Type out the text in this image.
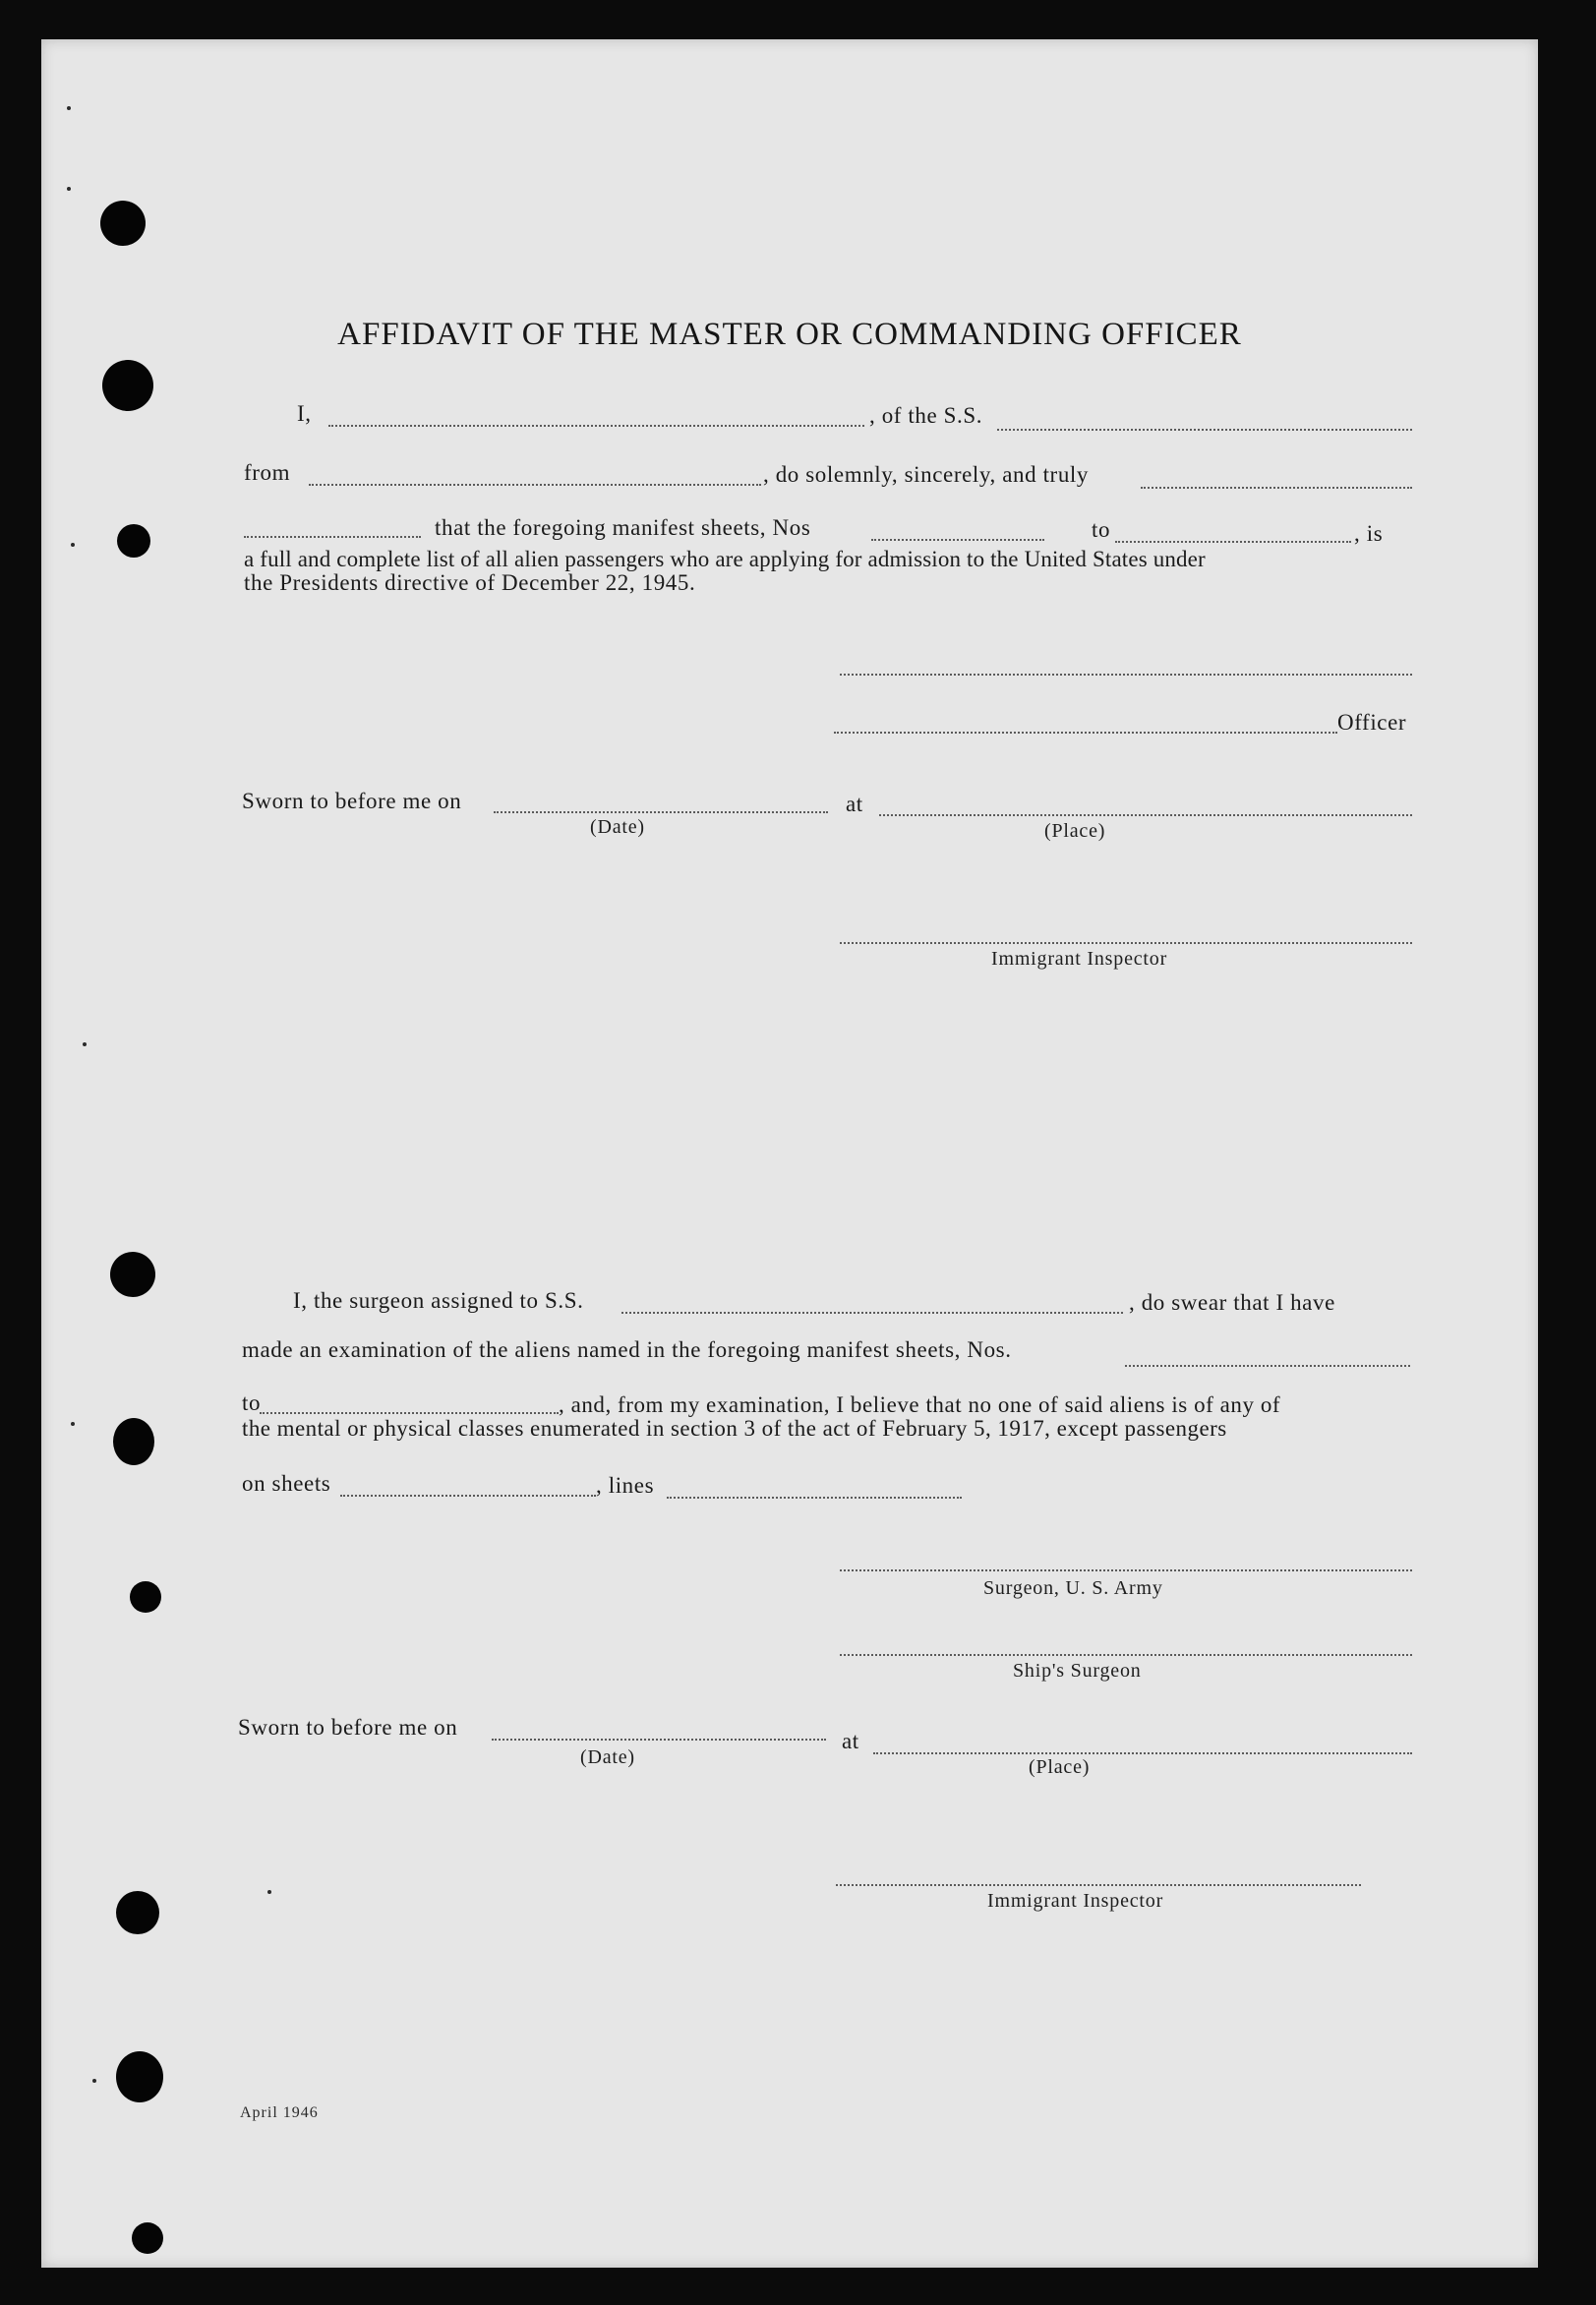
AFFIDAVIT OF THE MASTER OR COMMANDING OFFICER
I,	, of the S.S.
from	, do solemnly, sincerely, and truly
that the foregoing manifest sheets, Nos	to	, is
a full and complete list of all alien passengers who are applying for admission to the United States under
the Presidents directive of December 22, 1945.
Officer
Sworn to before me on	at
(Date)	(Place)
Immigrant Inspector
I, the surgeon assigned to S.S.	, do swear that I have
made an examination of the aliens named in the foregoing manifest sheets, Nos.
to	, and, from my examination, I believe that no one of said aliens is of any of
the mental or physical classes enumerated in section 3 of the act of February 5, 1917, except passengers
on sheets	, lines
Surgeon, U. S. Army
Ship's Surgeon
Sworn to before me on
at
(Date)	(Place)
Immigrant Inspector
April 1946
